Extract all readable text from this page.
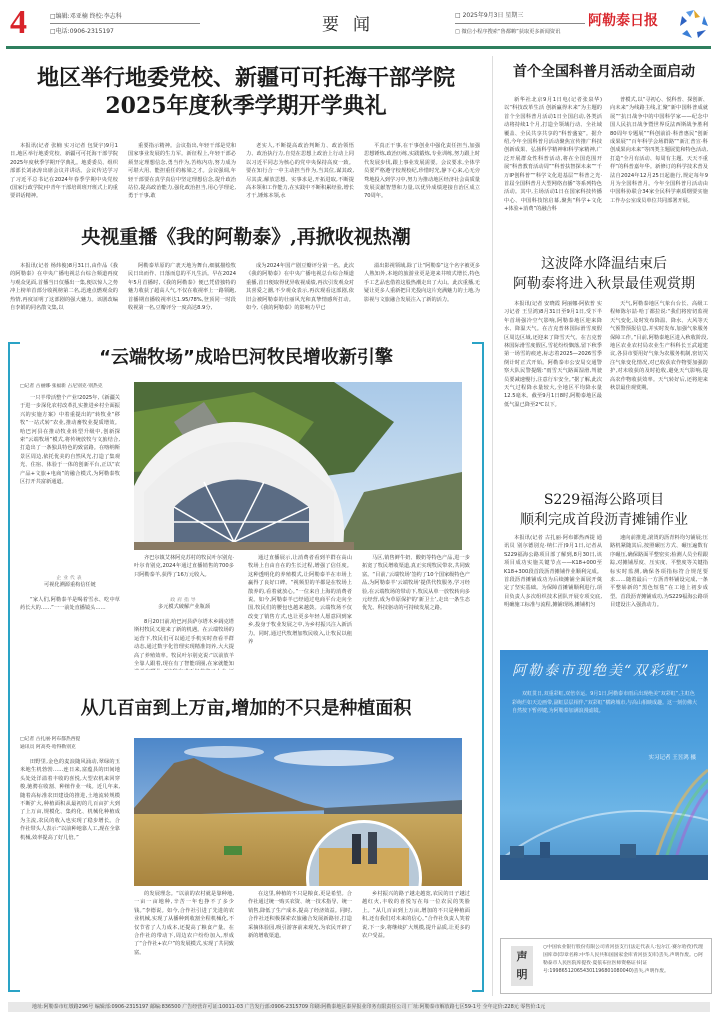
4	□编辑:邓亚楠 终校:李志科
□电话:0906-2315197	要闻	□ 2025年9月3日 星期三
□ 微信小程序搜索“鲁都嗨”获取更多新闻资讯
阿勒泰日报
地区举行地委党校、新疆可可托海干部学院
2025年度秋季学期开学典礼
本报讯(记者 张楠 实习记者 包贤宇)9月1日,地区举行地委党校、新疆可可托海干部学院2025年度秋季学期开学典礼。地委委员、组织部部长刘冰涛出席会议并讲话。会议传达学习了习近平总书记在2024年春季学期中央党校(国家行政学院)中青年干部培训班开班式上的重要讲话精神。
重要指示精神。会议指出,年轻干部是党和国家事业发展的生力军。新征程上,年轻干部必须坚定理想信念,勇当作为,苦练内功,努力成为可堪大用、能担重任的栋梁之才。会议强调,年轻干部要在真学真信中坚定理想信念,提升政治站位,提高政治能力,强化政治担当,用心学理论,勇于干事,敢
老实人,不断提高政治判断力、政治领悟力、政治执行力,自觉在思想上政治上行动上同以习近平同志为核心的党中央保持高度一致。要在知行合一中主动担当作为,当其位,谋其政,尽其责,解放思想、实事求是,开拓进取,不断提高本领和工作能力,在实践中不断积累经验,增长才干,锤炼本领,水
平真正干事,在干事创业中强化责任担当,加强思想锤炼,政治历练,实践锻炼,专业训练,努力跟上时代发展步伐,跟上事业发展需要。会议要求,全体学员要严格遵守校规校纪,珍惜时光,静下心来,心无旁骛地投入到学习中,努力为推动地区经济社会高质量发展贡献智慧和力量,以优异成绩迎接自治区成立70周年。
央视重播《我的阿勒泰》,再掀收视热潮
本报讯(记者 杨炜俊)8月31日,由作品《我的阿勒泰》在中央广播电视总台综合频道再度与观众见面,首播当日仅播出一集,便以惊人之势冲上榜单首部分收视榜第二名,迅速点燃观众的热情,再度证明了这部剧的强大魅力。该剧改编自李娟的同名散文集,以
阿勒泰草原的广袤天地为舞台,细腻描绘牧民日出而作、日落而息的平凡生活。早在2024年5月首播时,《我的阿勒泰》便已凭借独特的魅力收获了超高人气,不仅在收视率上一路领跑,首播期直播收视率达1.95/78%,登顶同一时段收视第一名,豆瓣评分一度高达8.9分,
成为2024年国产剧豆瓣评分第一名。此次《我的阿勒泰》在中央广播电视总台综合频道重播,首日便取得优异收视成绩,再次引发观众对其喜爱之潮,不少观众表示,再次观看这部剧,依旧会被阿勒泰的壮丽风光和真挚情感所打动。如今,《我的阿勒泰》的影响力早已
溢出影视领域,除了让“阿勒泰”这个名字被更多人熟知外,本地的旅游业更是迎来井喷式增长,特色手工艺品也借着这股热潮走出了大山。此次重播,无疑让更多人重新把目光投向这片充满魅力的土地,为影视与文旅融合发展注入了新的活力。
“云端牧场”成哈巴河牧民增收新引擎
□记者 古丽娜·张福新 占尼别克·别热克
一只羊带活整个产业!2025年,《新疆关于进一步深化农村改革扎实推进乡村全面振兴的实施方案》中着重提出的“转牧业“移牧”一站式转”农业,推动畜牧业提质增效。哈巴河县在推动牧业转型升级中,创新探索“云端牧场”模式,将传统放牧与文旅结合,打造出了一条独具特色的致富路。在喀纳斯景区周边,依托优美的自然风光,打造了集观光、住宿、体验于一体的创新平台,正以“农产品+文旅+电商”的融合模式,为阿勒泰牧区打开共富新通道。
企业代表
可视化溯源重构信任链
“家人们,阿勒泰羊是喝着雪水、吃中草药长大的……”一一前处直播镜头……
齐巴尔镇艾林阿克苏村的牧民叶尔别克·叶尔肯别克,2024年通过直播销售的700多只阿勒泰羊,获得了16万元收入。
政府指导
多元模式破解产业瓶颈
8月20日前,哈巴河县萨尔塔木乡阔克塔斯村牧民又迎来了新的机遇。在云端牧场的运营下,牧民们可以通过手机实时查看羊群动态,通过数字化管理实现精准饲养,大大提高了养殖效率。牧民叶尔别克说:“以前放羊全靠人跟着,现在有了智能项圈,在家就能知
通过直播展示,让消费者看到羊群在高山牧场上自由自在的生长过程,增强了信任度。这种透明化的养殖模式,让阿勒泰羊在市场上赢得了良好口碑。“视频里的羊都是在牧场上散养的,看着就放心。”一位来自上海的消费者说。如今,阿勒泰羊已经通过电商平台走向全国,牧民们的腰包也越来越鼓。云端牧场不仅改变了销售方式,也让更多年轻人愿意回到家乡,投身于牧业发展之中,为乡村振兴注入新活力。同时,通过代牧增加牧民收入,让牧民以租养
马区,销售鲜牛奶、酸奶等特色产品,进一步拓宽了牧民增收渠道,真正实现牧民带农,共同致富。“目前,‘云端牧场’签约了10个国家级特色产品,为阿勒泰羊‘云端牧场’提供代牧服务,学习经验,在云端牧场的带动下,牧民从单一放牧转向多元经营,成为草原保护的‘新卫士’,走出一条生态优先、科技驱动的可持续发展之路。
从几百亩到上万亩,增加的不只是种植面积
□记者 古扎丽·阿布都热西提
通讯员 阿高英·哈得勒别克
田野里,金色的麦浪随风涌动,翠绿的玉米地生机勃勃……连日来,富蕴县的田间地头处处洋溢着丰收的喜悦,大型农机来回穿梭,驰骋在收割、种植作业一线。近几年来,随着高标准农田建设的推进,土地流转规模不断扩大,种植面积从最初的几百亩扩大到了上万亩,规模化、集约化、机械化种植成为主流,农民的收入也实现了稳步增长。合作社带头人表示:“以前种地靠人工,现在全靠机械,效率提高了好几倍。”
的发展理念。“以前的农村就是靠种地,一亩一亩地种,辛苦一年也挣不了多少钱。”李德说。如今,合作社引进了先进的农业机械,实现了从播种到收割全程机械化,不仅节省了人力成本,还提高了粮食产量。在合作社的带动下,周边农户纷纷加入,形成了“合作社+农户”的发展模式,实现了共同致富。
在这里,种植的不只是粮食,更是希望。合作社通过统一购买农资、统一技术指导、统一销售,降低了生产成本,提高了经济效益。同时,合作社还积极探索农旅融合发展新路径,打造采摘体验园,吸引游客前来观光,为农民开辟了新的增收渠道。
乡村振兴的路子越走越宽,农民的日子越过越红火,丰收的喜悦写在每一位农民的笑脸上。“从几百亩到上万亩,增加的不只是种植面积,还有我们对未来的信心。”合作社负责人笑着说,下一步,将继续扩大规模,提升品质,让更多的农户受益。
首个全国科普月活动全面启动
新华社北京9月1日电(记者张泉华)以“科技改革生活 创新赢得未来”为主题的首个全国科普月活动1日全国启动,各类活动将持续1个月,打造全领域行动、全社域覆盖、全民共享共享的“科普盛宴”。据介绍,今年全国科普月活动聚焦宣传推广科技创新成果、弘扬科学精神和科学家精神,广泛开展群众性科普活动,将在全国范围开展“科普教育活动周”“科普扶智探未来”“千万IP创科普”“科学文化进基层”“科普之光·首届全国科普月大型网络直播”等系列特色活动。其中,主场活动1日在国家科技传播中心、中国科技馆启幕,聚焦“科学+文化+体验+消费”的融合科
普模式,以“寻初心、悦科普、探创新、向未来”为线路主线,汇聚“新中国科普成就展”“抗日战争中的中国科学家——纪念中国人民抗日战争暨世界反法西斯战争胜利80周年专题展”“科创前沿·科普惠民”创新成果展”“百年科学会场群路”“新汇普宣·科创成果向未来”等四类主题展览和特色活动,打造“全月有活动、每周有主题、天天不重样”的科普嘉年华。新修订的科学技术普及法自2024年12月25日起施行,规定每年9月为全国科普月。今年全国科普月活动由中国科协联合34家全民科学素质纲要实施工作办公室成员单位共同部署开展。
这波降水降温结束后
阿勒泰将进入秋景最佳观赏期
本报讯(记者 安晓霞 阿丽娜·阿依普 实习记者 王昱鸿)8月31日至9月1日,受下半年首场强冷空气影响,阿勒泰地区迎来降水、降温天气。在吉克普林国际滑雪度假区周边区域,还迎来了降雪天气。在吉克普林国际滑雪度假区,雪花纷纷飘落,留下秋季第一场雪的痕迹,标志着2025—2026雪季倒计时正式开始。阿勒泰市公安局交通警察大队民警提醒:“雨雪天气路面湿滑,驾驶员要减速慢行,注意行车安全。”据了解,此次天气过程降水量较大,全地区平均降水量12.5毫米。截至9月1日8时,阿勒泰地区最低气温已降至2℃以下。
天气,阿勒泰地区气象台台长、高级工程师陈尔喆·哈丁都拉说:“我们将密切监视天气变化,及时发布降温、降水、大风等天气预警预报信息,并实时发布,加强气象服务保障工作。”目前,阿勒泰地区进入秋收阶段,地区农业农村局农业生产科科长王武超建议,各县市要用好气象为农服务机制,密切关注气象变化情况,对已收获农作物要加强防护,对未收获的及时抢收,避免天气影响,提高农作物收获效率。天气转好后,还将迎来秋景最佳观赏期。
S229福海公路项目
顺利完成首段沥青摊铺作业
本报讯(记者 古扎丽·阿布都热西提 通讯员 别尔德别克·纳仁汗)9月1日,记者从S229福海公路项目部了解到,8月30日,该项目成功实施关键节点——K18+000至K18+300段首段沥青摊铺作业顺利完成。首段沥青摊铺成功为后续摊铺全面展开奠定了坚实基础。为保障首摊铺顺利进行,项目负责人多次组织技术团队开展专项交底,明确施工标准与流程,摊铺现场,摊铺机匀
速向前推进,滚烫的沥青料均匀铺展;压路机紧随其后,按照碾压方式、碾压遍数有序碾压,确保路面平整密实;检测人员全程跟踪,对摊铺厚度、压实度、平整度等关键指标实时监测,确保各项指标符合规范要求……随着最后一方沥青料铺设完成,一条平整崭新的“黑色短毯”在工地上初步成型。首段沥青摊铺成功,为S229福海公路项目建设注入强劲动力。
阿勒泰市现绝美“双彩虹”
双虹贯日,双重彩虹,双倍幸运。9月1日,阿勒泰市雨后出现绝美“双彩虹”,主虹色彩绚烂如天边画带,副虹层层相伴,“双彩虹”横跨城市,与高山相映成趣。这一刻仿佛大自然按下暂停键,为阿勒泰加满浪漫滤镜。
实习记者 王昱鸿 摄
声
明
○中国农业银行股份有限公司青河县支行(法定代表人:包尔江·赛尔哈孜)代理国库章(印章名称:中华人民共和国国家金库青河县支库)丢失,声明作废。○阿勒泰市人民医院库提孜·夏依布拉医师资格证书(证号:199865120654301196801080040)丢失,声明作废。
地址:阿勒泰市红墩路296号 编辑部:0906-2315197 邮编:836500 广告经营许可证:10011-03 广告发行部:0906-2315709 印刷:阿勒泰地区泰昇报业印务有限责任公司 厂址:阿勒泰市解放路七区59-1号 全年定价:228元 零售价:1元
